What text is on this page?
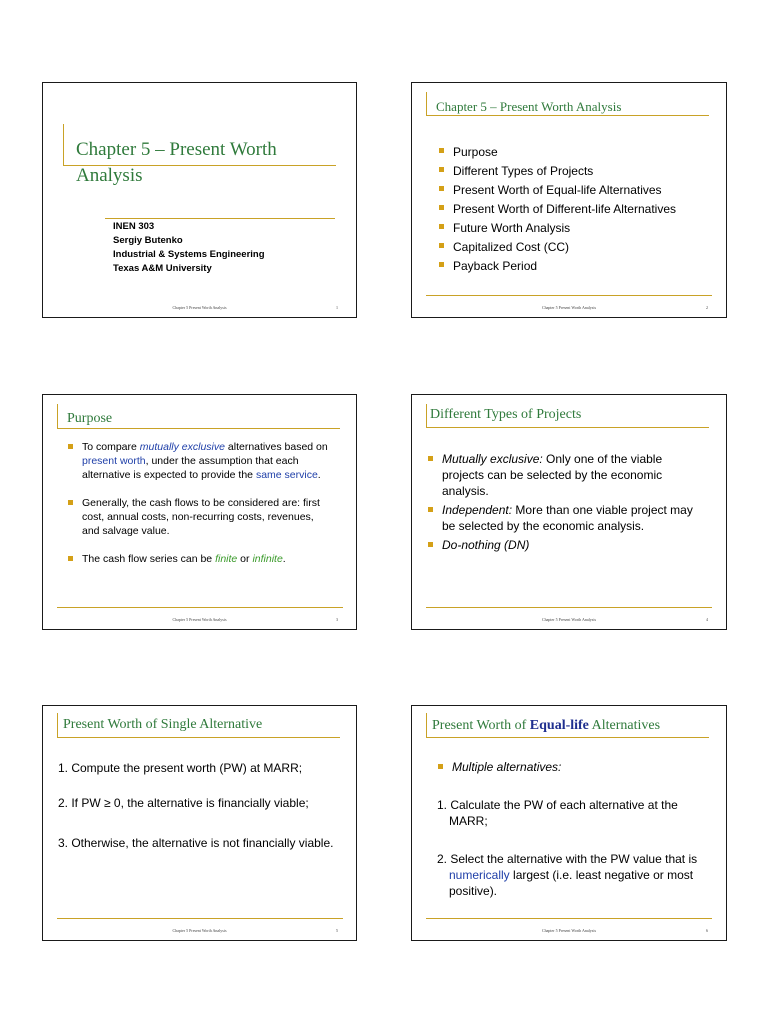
Chapter 5 – Present Worth
Analysis
INEN 303
Sergiy Butenko
Industrial & Systems Engineering
Texas A&M University
Chapter 5 Present Worth Analysis	1
Chapter 5 – Present Worth Analysis
Purpose
Different Types of Projects
Present Worth of Equal-life Alternatives
Present Worth of Different-life Alternatives
Future Worth Analysis
Capitalized Cost (CC)
Payback Period
Chapter 5 Present Worth Analysis	2
Purpose
To compare mutually exclusive alternatives based on present worth, under the assumption that each alternative is expected to provide the same service.
Generally, the cash flows to be considered are: first cost, annual costs, non-recurring costs, revenues, and salvage value.
The cash flow series can be finite or infinite.
Chapter 5 Present Worth Analysis	3
Different Types of Projects
Mutually exclusive: Only one of the viable projects can be selected by the economic analysis.
Independent: More than one viable project may be selected by the economic analysis.
Do-nothing (DN)
Chapter 5 Present Worth Analysis	4
Present Worth of Single Alternative
1. Compute the present worth (PW) at MARR;
2. If PW ≥ 0, the alternative is financially viable;
3. Otherwise, the alternative is not financially viable.
Chapter 5 Present Worth Analysis	5
Present Worth of Equal-life Alternatives
Multiple alternatives:
1. Calculate the PW of each alternative at the MARR;
2. Select the alternative with the PW value that is numerically largest (i.e. least negative or most positive).
Chapter 5 Present Worth Analysis	6
